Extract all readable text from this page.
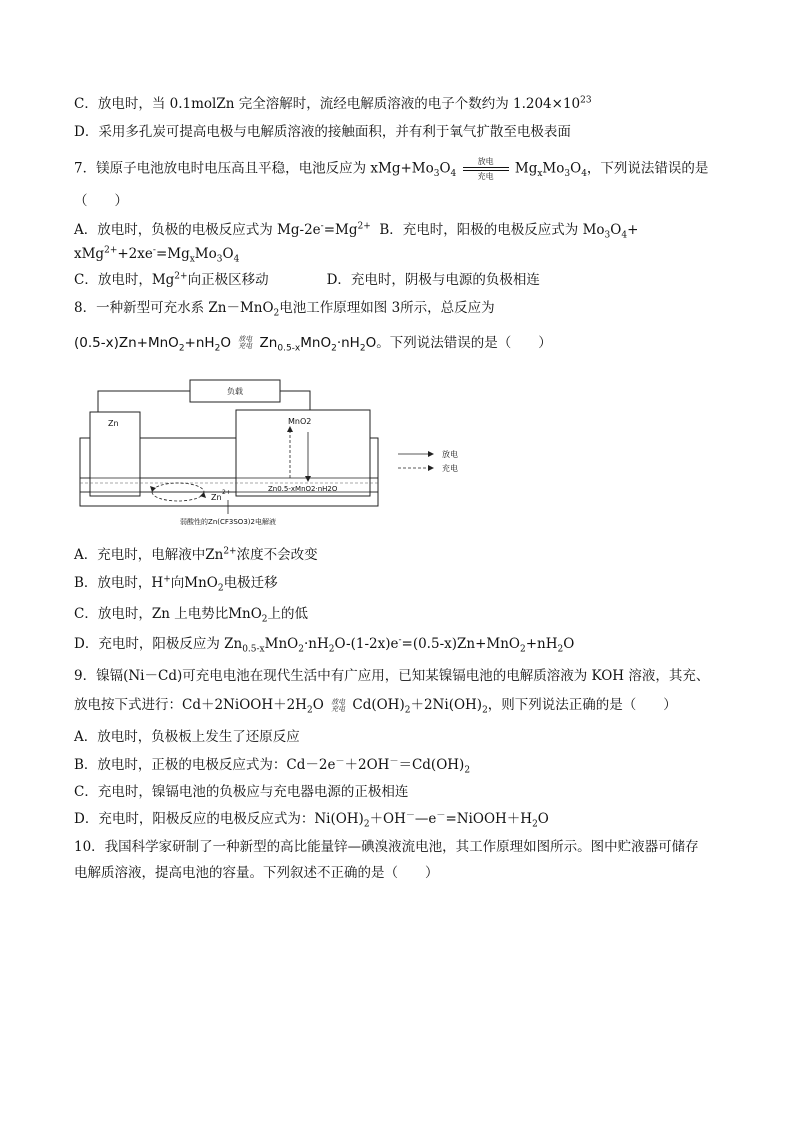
C．放电时，当 0.1molZn 完全溶解时，流经电解质溶液的电子个数约为 $1.204\times 10^{23}$
D．采用多孔炭可提高电极与电解质溶液的接触面积，并有利于氧气扩散至电极表面
7．镁原子电池放电时电压高且平稳，电池反应为 $xMg+Mo_3O_4$
放电
充电 $Mg_xMo_3O_4$，下列说法错误的是
（　　）
A．放电时，负极的电极反应式为 $Mg-2e^-=Mg^{2+}$ B．充电时，阳极的电极反应式为 $Mo_3O_4+$
$xMg^{2+}+2xe^-=Mg_xMo_3O_4$
C．放电时，$Mg^{2+}$向正极区移动	D．充电时，阴极与电源的负极相连
8．一种新型可充水系 Zn－MnO$_2$电池工作原理如图 3所示，总反应为
$(0.5-x)Zn+MnO_2+nH_2O$ 放电
充电 $Zn_{0.5-x}MnO_2\cdot nH_2O$。下列说法错误的是（　　）
负载
Zn	MnO2
Zn0.5-xMnO2·nH2O
Zn
2+
弱酸性的Zn(CF3SO3)2电解液
放电
充电
A．充电时，电解液中$Zn^{2+}$浓度不会改变
B．放电时，H+向MnO$_2$电极迁移
C．放电时，Zn 上电势比MnO$_2$上的低
D．充电时，阳极反应为 $Zn_{0.5-x}MnO_2\cdot nH_2O-(1-2x)e^-=(0.5-x)Zn+MnO_2+nH_2O$
9．镍镉(Ni－Cd)可充电电池在现代生活中有广应用，已知某镍镉电池的电解质溶液为 KOH 溶液，其充、
放电按下式进行：$Cd+2NiOOH+2H_2O$ 放电
充电 $Cd(OH)_2+2Ni(OH)_2$，则下列说法正确的是（　　）
A．放电时，负极板上发生了还原反应
B．放电时，正极的电极反应式为：$Cd-2e^-+2OH^-=Cd(OH)_2$
C．充电时，镍镉电池的负极应与充电器电源的正极相连
D．充电时，阳极反应的电极反应式为：$Ni(OH)_2+OH^-—e^-=NiOOH+H_2O$
10．我国科学家研制了一种新型的高比能量锌—碘溴液流电池，其工作原理如图所示。图中贮液器可储存
电解质溶液，提高电池的容量。下列叙述不正确的是（　　）
